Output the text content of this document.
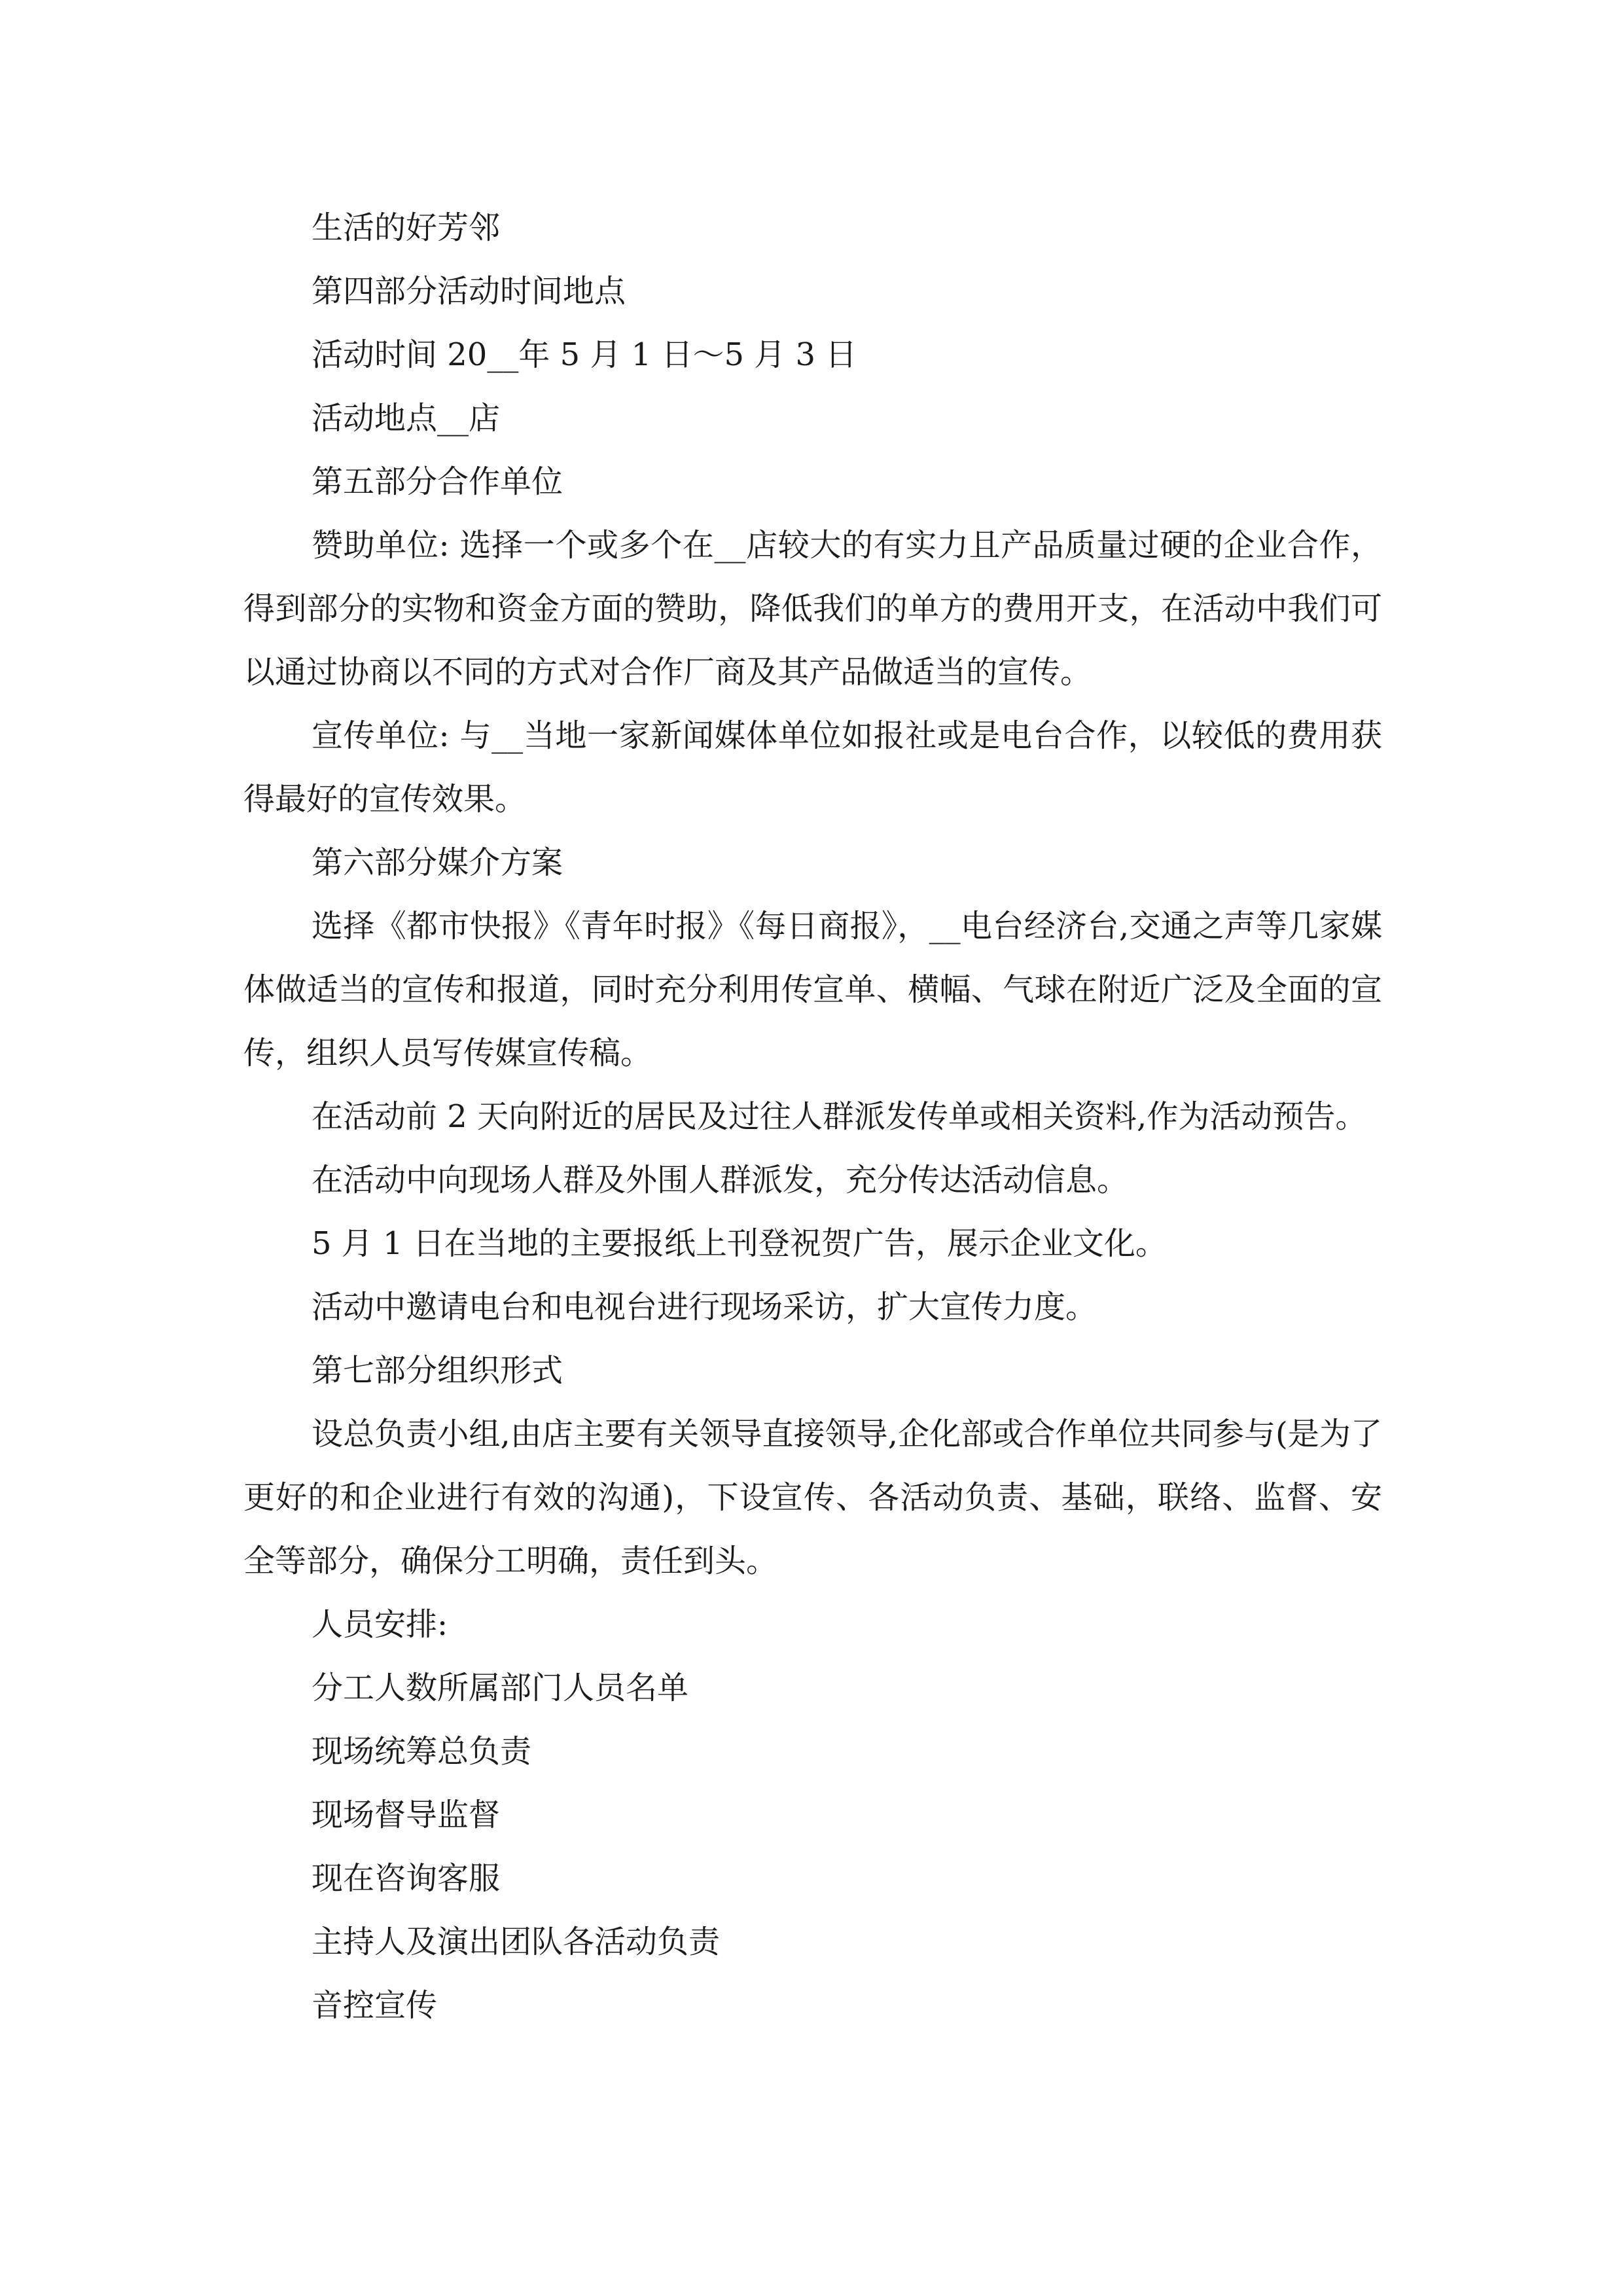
生活的好芳邻
第四部分活动时间地点
活动时间 20__年 5 月 1 日～5 月 3 日
活动地点__店
第五部分合作单位
赞助单位: 选择一个或多个在__店较大的有实力且产品质量过硬的企业合作，得到部分的实物和资金方面的赞助，降低我们的单方的费用开支，在活动中我们可以通过协商以不同的方式对合作厂商及其产品做适当的宣传。
宣传单位: 与__当地一家新闻媒体单位如报社或是电台合作，以较低的费用获得最好的宣传效果。
第六部分媒介方案
选择《都市快报》《青年时报》《每日商报》，__电台经济台,交通之声等几家媒体做适当的宣传和报道，同时充分利用传宣单、横幅、气球在附近广泛及全面的宣传，组织人员写传媒宣传稿。
在活动前 2 天向附近的居民及过往人群派发传单或相关资料,作为活动预告。
在活动中向现场人群及外围人群派发，充分传达活动信息。
5 月 1 日在当地的主要报纸上刊登祝贺广告，展示企业文化。
活动中邀请电台和电视台进行现场采访，扩大宣传力度。
第七部分组织形式
设总负责小组,由店主要有关领导直接领导,企化部或合作单位共同参与(是为了更好的和企业进行有效的沟通)，下设宣传、各活动负责、基础，联络、监督、安全等部分，确保分工明确，责任到头。
人员安排:
分工人数所属部门人员名单
现场统筹总负责
现场督导监督
现在咨询客服
主持人及演出团队各活动负责
音控宣传
